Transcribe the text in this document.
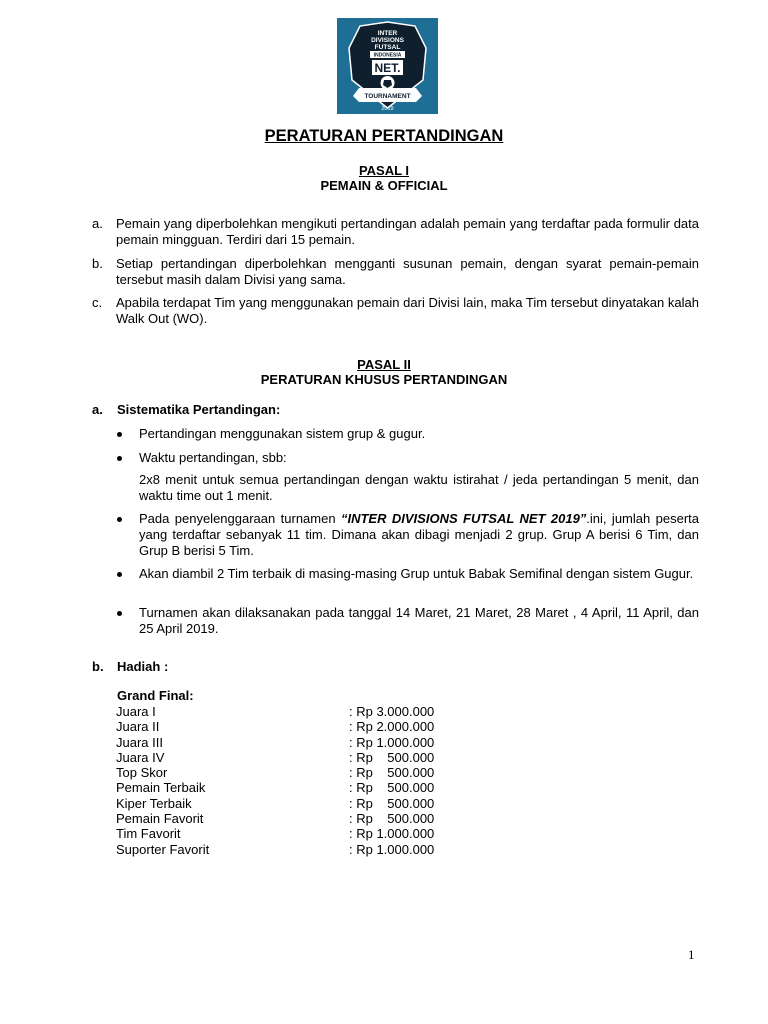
INTER
DIVISIONS
FUTSAL
INDONESIA
NET.
TOURNAMENT
2019
PERATURAN PERTANDINGAN
PASAL I
PEMAIN & OFFICIAL
a. Pemain yang diperbolehkan mengikuti pertandingan adalah pemain yang terdaftar pada formulir data pemain mingguan. Terdiri dari 15 pemain.
b. Setiap pertandingan diperbolehkan mengganti susunan pemain, dengan syarat pemain-pemain tersebut masih dalam Divisi yang sama.
c. Apabila terdapat Tim yang menggunakan pemain dari Divisi lain, maka Tim tersebut dinyatakan kalah Walk Out (WO).
PASAL II
PERATURAN KHUSUS PERTANDINGAN
a. Sistematika Pertandingan:
Pertandingan menggunakan sistem grup & gugur.
Waktu pertandingan, sbb:
2x8 menit untuk semua pertandingan dengan waktu istirahat / jeda pertandingan 5 menit, dan waktu time out 1 menit.
Pada penyelenggaraan turnamen “INTER DIVISIONS FUTSAL NET 2019”.ini, jumlah peserta yang terdaftar sebanyak 11 tim. Dimana akan dibagi menjadi 2 grup. Grup A berisi 6 Tim, dan Grup B berisi 5 Tim.
Akan diambil 2 Tim terbaik di masing-masing Grup untuk Babak Semifinal dengan sistem Gugur.
Turnamen akan dilaksanakan pada tanggal 14 Maret, 21 Maret, 28 Maret , 4 April, 11 April, dan 25 April 2019.
b. Hadiah :
Grand Final:
Juara I	: Rp 3.000.000
Juara II	: Rp 2.000.000
Juara III	: Rp 1.000.000
Juara IV	: Rp    500.000
Top Skor	: Rp    500.000
Pemain Terbaik	: Rp    500.000
Kiper Terbaik	: Rp    500.000
Pemain Favorit	: Rp    500.000
Tim Favorit	: Rp 1.000.000
Suporter Favorit	: Rp 1.000.000
1
